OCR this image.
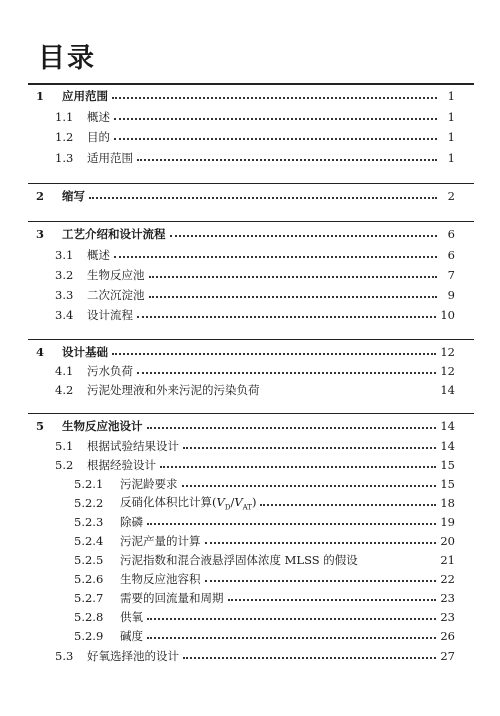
目录
1	应用范围	1
1.1	概述	1
1.2	目的	1
1.3	适用范围	1
2	缩写	2
3	工艺介绍和设计流程	6
3.1	概述	6
3.2	生物反应池	7
3.3	二次沉淀池	9
3.4	设计流程	10
4	设计基础	12
4.1	污水负荷	12
4.2	污泥处理液和外来污泥的污染负荷	14
5	生物反应池设计	14
5.1	根据试验结果设计	14
5.2	根据经验设计	15
5.2.1	污泥龄要求	15
5.2.2	反硝化体积比计算$(V_D/V_{AT})$	18
5.2.3	除磷	19
5.2.4	污泥产量的计算	20
5.2.5	污泥指数和混合液悬浮固体浓度 MLSS 的假设	21
5.2.6	生物反应池容积	22
5.2.7	需要的回流量和周期	23
5.2.8	供氧	23
5.2.9	碱度	26
5.3	好氧选择池的设计	27
